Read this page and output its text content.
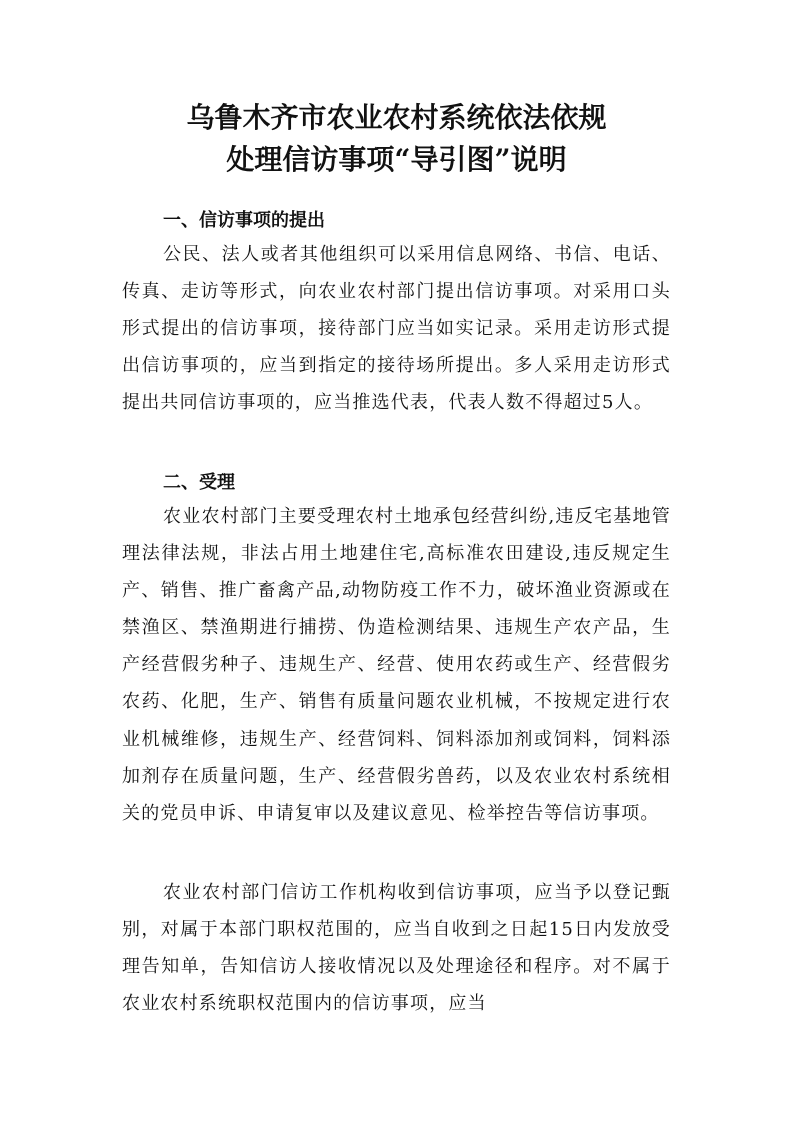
乌鲁木齐市农业农村系统依法依规
处理信访事项“导引图”说明
一、信访事项的提出

公民、法人或者其他组织可以采用信息网络、书信、电话、传真、走访等形式，向农业农村部门提出信访事项。对采用口头形式提出的信访事项，接待部门应当如实记录。采用走访形式提出信访事项的，应当到指定的接待场所提出。多人采用走访形式提出共同信访事项的，应当推选代表，代表人数不得超过5人。

二、受理

农业农村部门主要受理农村土地承包经营纠纷,违反宅基地管理法律法规，非法占用土地建住宅,高标准农田建设,违反规定生产、销售、推广畜禽产品,动物防疫工作不力，破坏渔业资源或在禁渔区、禁渔期进行捕捞、伪造检测结果、违规生产农产品，生产经营假劣种子、违规生产、经营、使用农药或生产、经营假劣农药、化肥，生产、销售有质量问题农业机械，不按规定进行农业机械维修，违规生产、经营饲料、饲料添加剂或饲料，饲料添加剂存在质量问题，生产、经营假劣兽药，以及农业农村系统相关的党员申诉、申请复审以及建议意见、检举控告等信访事项。

农业农村部门信访工作机构收到信访事项，应当予以登记甄别，对属于本部门职权范围的，应当自收到之日起15日内发放受理告知单，告知信访人接收情况以及处理途径和程序。对不属于农业农村系统职权范围内的信访事项，应当
